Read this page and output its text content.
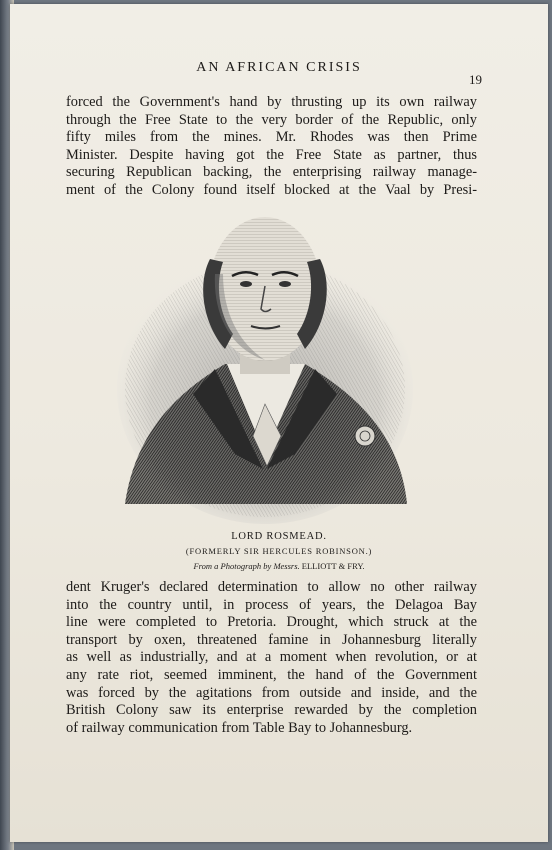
AN AFRICAN CRISIS
19
forced the Government's hand by thrusting up its own railway
through the Free State to the very border of the Republic, only
fifty miles from the mines. Mr. Rhodes was then Prime
Minister. Despite having got the Free State as partner, thus
securing Republican backing, the enterprising railway manage-
ment of the Colony found itself blocked at the Vaal by Presi-
LORD ROSMEAD.
(FORMERLY SIR HERCULES ROBINSON.)
From a Photograph by Messrs. ELLIOTT & FRY.
dent Kruger's declared determination to allow no other railway
into the country until, in process of years, the Delagoa Bay
line were completed to Pretoria. Drought, which struck at the
transport by oxen, threatened famine in Johannesburg literally
as well as industrially, and at a moment when revolution, or at
any rate riot, seemed imminent, the hand of the Government
was forced by the agitations from outside and inside, and the
British Colony saw its enterprise rewarded by the completion
of railway communication from Table Bay to Johannesburg.
